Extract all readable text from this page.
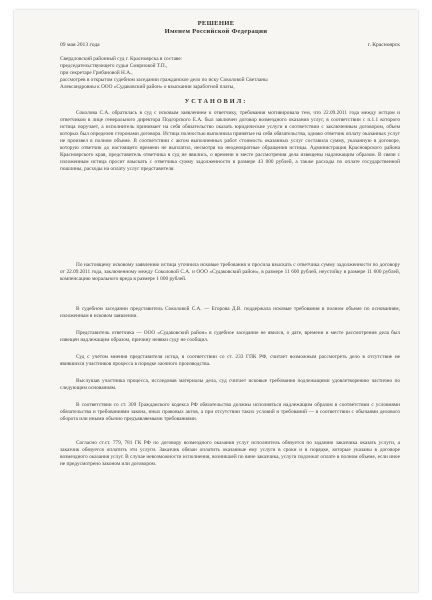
РЕШЕНИЕ
Именем Российской Федерации
09 мая 2013 года	г. Красноярск
Свердловский районный суд г. Красноярска в составе:
председательствующего судьи Смирновой Т.П.,
при секретаре Грибановой Н.А.,
рассмотрев в открытом судебном заседании гражданское дело по иску Соколовой Светланы
Александровны к ООО «Судаковский район» о взыскании заработной платы,
УСТАНОВИЛ:
Соколова С.А. обратилась в суд с исковым заявлением к ответчику, требования мотивировала тем, что 22.09.2011 года между истцом и ответчиком в лице генерального директора Подгорского Е.А. был заключен договор возмездного оказания услуг, в соответствии с п.1.1 которого истица поручает, а исполнитель принимает на себя обязательство оказать юридические услуги в соответствии с заключенным договором, объем которых был определен сторонами договора. Истица полностью выполнила принятые на себя обязательства, однако ответчик оплату оказанных услуг не произвел в полном объеме. В соответствии с актом выполненных работ стоимость оказанных услуг составила сумму, указанную в договоре, которую ответчик до настоящего времени не выплатил, несмотря на неоднократные обращения истицы. Администрация Красноярского района Красноярского края, представитель ответчика в суд не явились, о времени и месте рассмотрения дела извещены надлежащим образом. В связи с изложенным истица просит взыскать с ответчика сумму задолженности в размере 43 000 рублей, а также расходы по оплате государственной пошлины, расходы на оплату услуг представителя.
По настоящему исковому заявлению истица уточнила исковые требования и просила взыскать с ответчика сумму задолженности по договору от 22.09.2011 года, заключенному между Соколовой С.А. и ООО «Судаковский район», в размере 11 600 рублей, неустойку в размере 11 600 рублей, компенсацию морального вреда в размере 1 000 рублей.
В судебном заседании представитель Соколовой С.А. — Егорова Д.В. поддержала исковые требования в полном объеме по основаниям, изложенным в исковом заявлении.
Представитель ответчика — ООО «Судаковский район» в судебное заседание не явился, о дате, времени и месте рассмотрения дела был извещен надлежащим образом, причину неявки суду не сообщил.
Суд с учетом мнения представителя истца, в соответствии со ст. 233 ГПК РФ, считает возможным рассмотреть дело в отсутствие не явившихся участников процесса в порядке заочного производства.
Выслушав участника процесса, исследовав материалы дела, суд считает исковые требования подлежащими удовлетворению частично по следующим основаниям.
В соответствии со ст. 309 Гражданского кодекса РФ обязательства должны исполняться надлежащим образом в соответствии с условиями обязательства и требованиями закона, иных правовых актов, а при отсутствии таких условий и требований — в соответствии с обычаями делового оборота или иными обычно предъявляемыми требованиями.
Согласно ст.ст. 779, 781 ГК РФ по договору возмездного оказания услуг исполнитель обязуется по заданию заказчика оказать услуги, а заказчик обязуется оплатить эти услуги. Заказчик обязан оплатить оказанные ему услуги в сроки и в порядке, которые указаны в договоре возмездного оказания услуг. В случае невозможности исполнения, возникшей по вине заказчика, услуги подлежат оплате в полном объеме, если иное не предусмотрено законом или договором.
